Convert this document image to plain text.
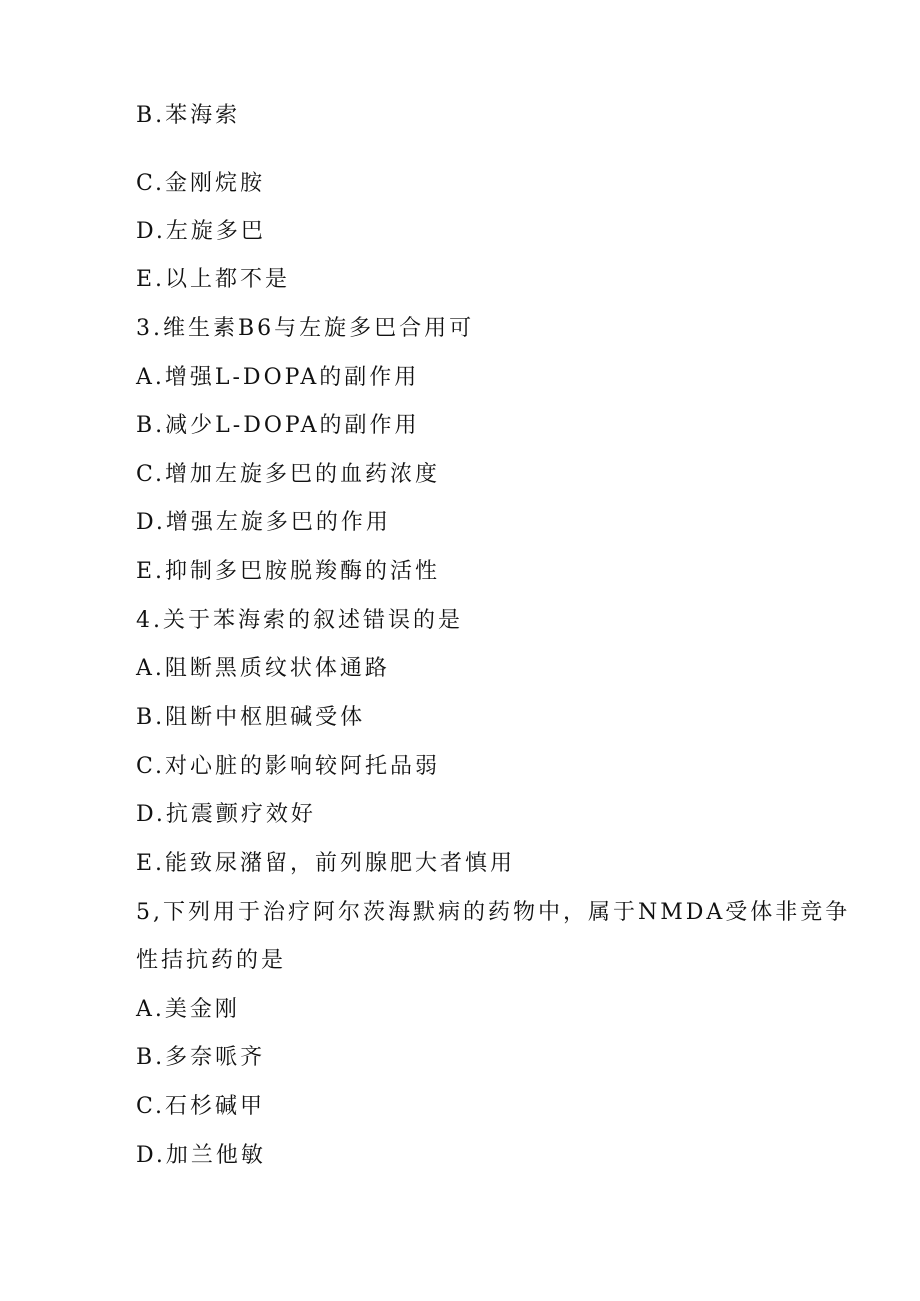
B.苯海索
C.金刚烷胺
D.左旋多巴
E.以上都不是
3.维生素B6与左旋多巴合用可
A.增强L-DOPA的副作用
B.减少L-DOPA的副作用
C.增加左旋多巴的血药浓度
D.增强左旋多巴的作用
E.抑制多巴胺脱羧酶的活性
4.关于苯海索的叙述错误的是
A.阻断黑质纹状体通路
B.阻断中枢胆碱受体
C.对心脏的影响较阿托品弱
D.抗震颤疗效好
E.能致尿潴留，前列腺肥大者慎用
5,下列用于治疗阿尔茨海默病的药物中，属于NMDA受体非竞争
性拮抗药的是
A.美金刚
B.多奈哌齐
C.石杉碱甲
D.加兰他敏
